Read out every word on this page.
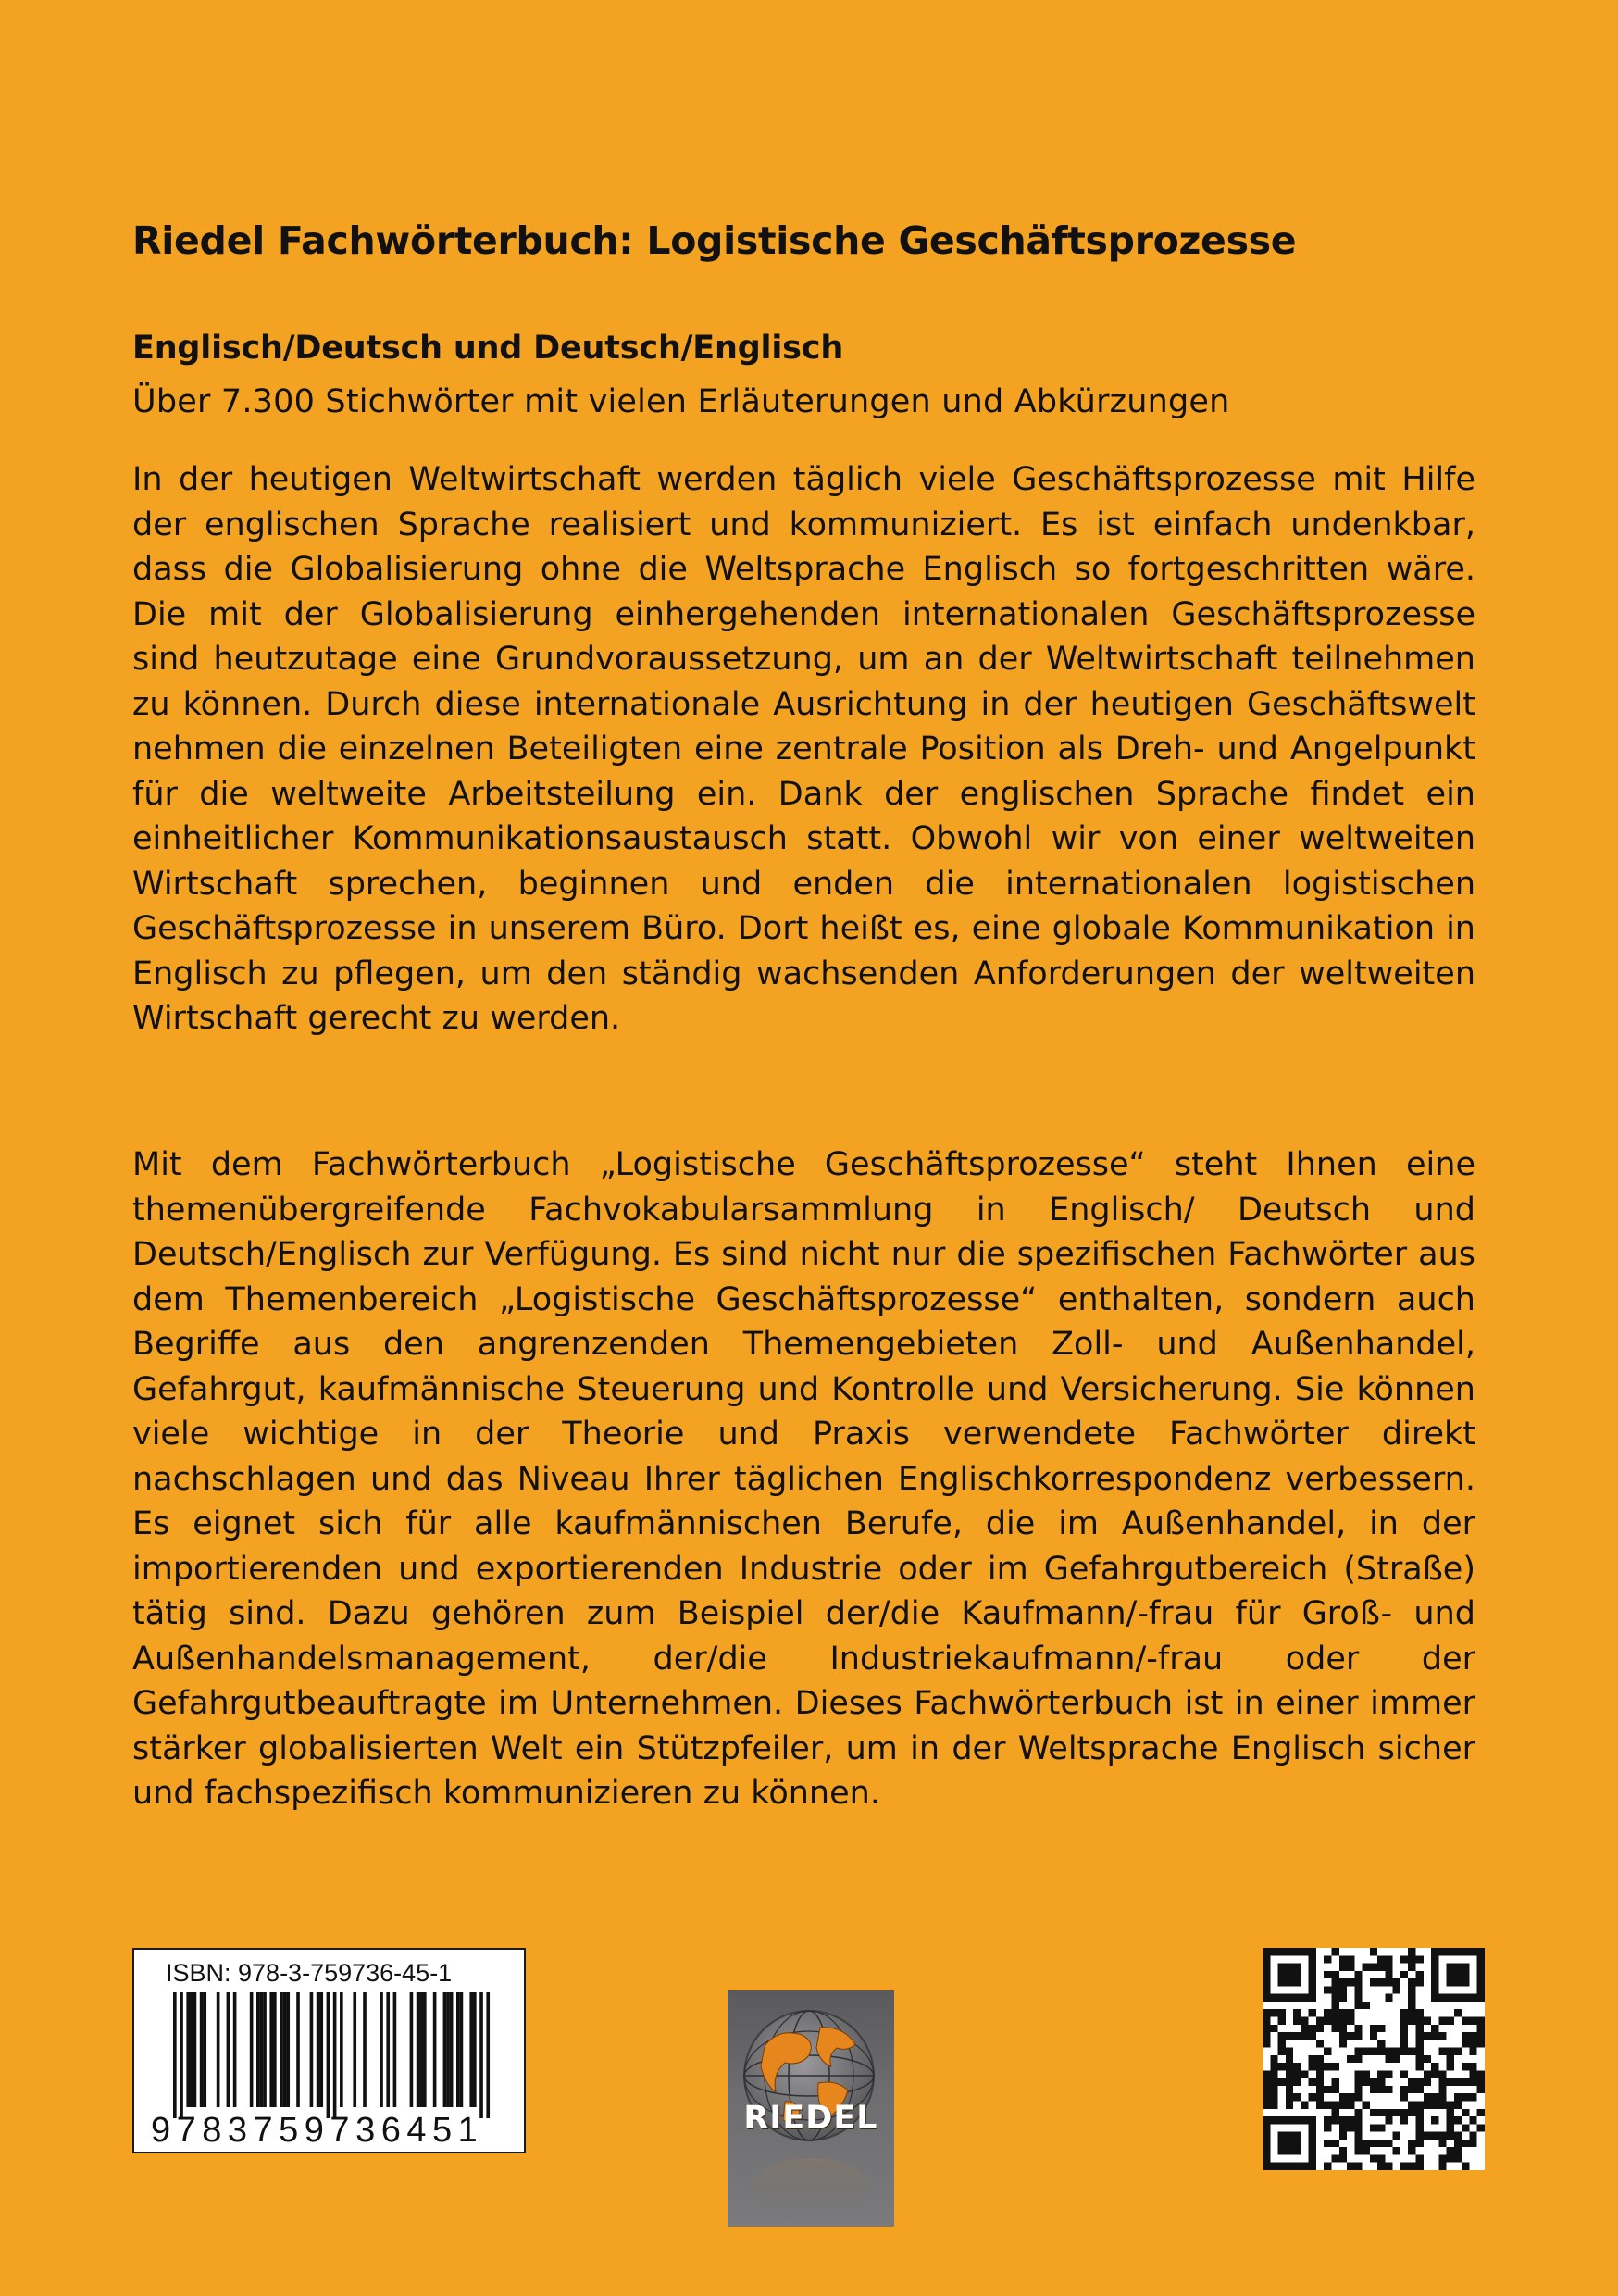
Riedel Fachwörterbuch: Logistische Geschäftsprozesse
Englisch/Deutsch und Deutsch/Englisch
Über 7.300 Stichwörter mit vielen Erläuterungen und Abkürzungen

In der heutigen Weltwirtschaft werden täglich viele Geschäftsprozesse mit Hilfe der englischen Sprache realisiert und kommuniziert. Es ist einfach undenkbar, dass die Globalisierung ohne die Weltsprache Englisch so fortgeschritten wäre. Die mit der Globalisierung einhergehenden internationalen Geschäftsprozesse sind heutzutage eine Grundvoraussetzung, um an der Weltwirtschaft teilnehmen zu können. Durch diese internationale Ausrichtung in der heutigen Geschäftswelt nehmen die einzelnen Beteiligten eine zentrale Position als Dreh- und Angelpunkt für die weltweite Arbeitsteilung ein. Dank der englischen Sprache findet ein einheitlicher Kommunikationsaustausch statt. Obwohl wir von einer weltweiten Wirtschaft sprechen, beginnen und enden die internationalen logistischen Geschäftsprozesse in unserem Büro. Dort heißt es, eine globale Kommunikation in Englisch zu pflegen, um den ständig wachsenden Anforderungen der weltweiten Wirtschaft gerecht zu werden.

Mit dem Fachwörterbuch „Logistische Geschäftsprozesse“ steht Ihnen eine themenübergreifende Fachvokabularsammlung in Englisch/ Deutsch und Deutsch/Englisch zur Verfügung. Es sind nicht nur die spezifischen Fachwörter aus dem Themenbereich „Logistische Geschäftsprozesse“ enthalten, sondern auch Begriffe aus den angrenzenden Themengebieten Zoll- und Außenhandel, Gefahrgut, kaufmännische Steuerung und Kontrolle und Versicherung. Sie können viele wichtige in der Theorie und Praxis verwendete Fachwörter direkt nachschlagen und das Niveau Ihrer täglichen Englischkorrespondenz verbessern. Es eignet sich für alle kaufmännischen Berufe, die im Außenhandel, in der importierenden und exportierenden Industrie oder im Gefahrgutbereich (Straße) tätig sind. Dazu gehören zum Beispiel der/die Kaufmann/-frau für Groß- und Außenhandelsmanagement, der/die Industriekaufmann/-frau oder der Gefahrgutbeauftragte im Unternehmen. Dieses Fachwörterbuch ist in einer immer stärker globalisierten Welt ein Stützpfeiler, um in der Weltsprache Englisch sicher und fachspezifisch kommunizieren zu können.

ISBN: 978-3-759736-45-1
9783759736451	RIEDEL
